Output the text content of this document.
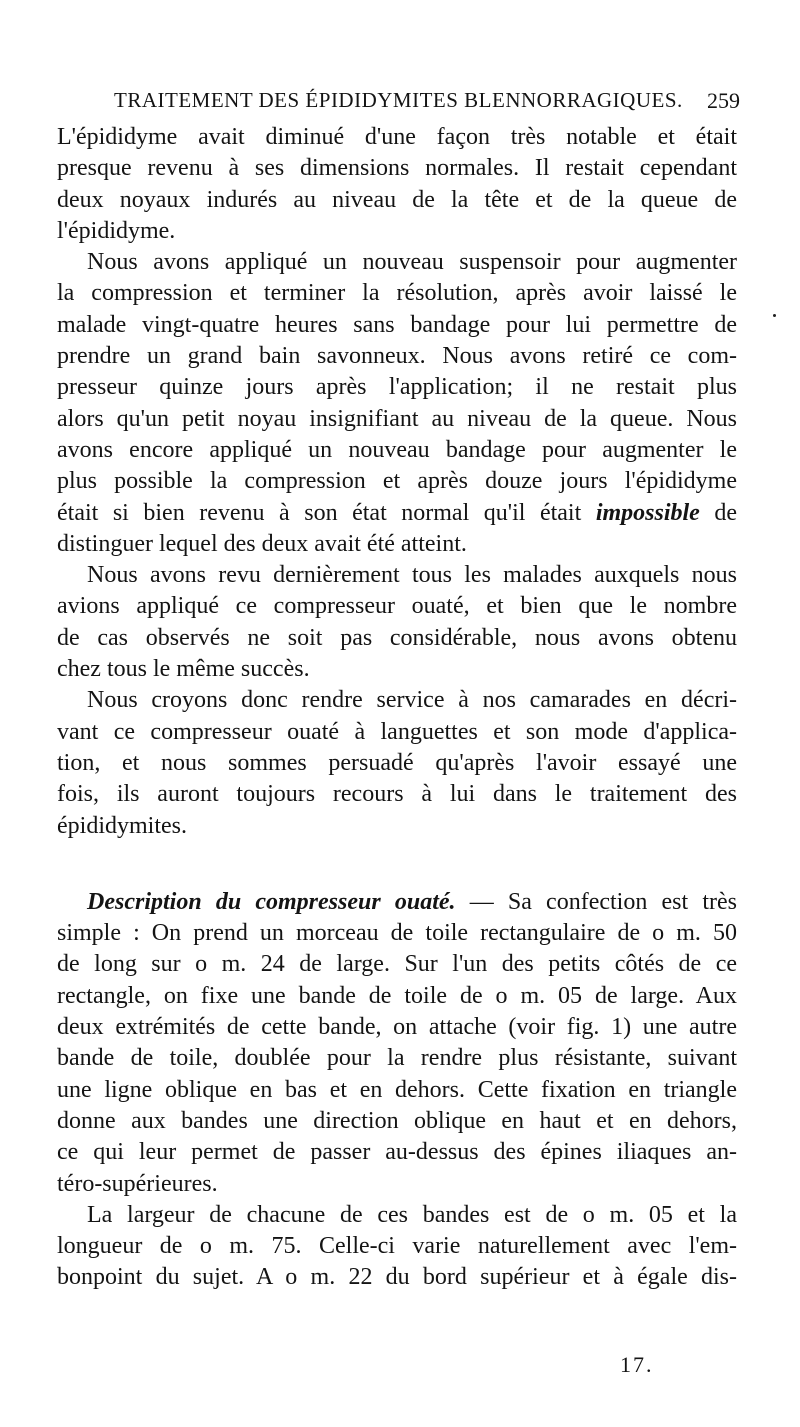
TRAITEMENT DES ÉPIDIDYMITES BLENNORRAGIQUES. 259
L'épididyme avait diminué d'une façon très notable et était
presque revenu à ses dimensions normales. Il restait cependant
deux noyaux indurés au niveau de la tête et de la queue de
l'épididyme.
Nous avons appliqué un nouveau suspensoir pour augmenter
la compression et terminer la résolution, après avoir laissé le
malade vingt-quatre heures sans bandage pour lui permettre de
prendre un grand bain savonneux. Nous avons retiré ce com-
presseur quinze jours après l'application; il ne restait plus
alors qu'un petit noyau insignifiant au niveau de la queue. Nous
avons encore appliqué un nouveau bandage pour augmenter le
plus possible la compression et après douze jours l'épididyme
était si bien revenu à son état normal qu'il était impossible de
distinguer lequel des deux avait été atteint.
Nous avons revu dernièrement tous les malades auxquels nous
avions appliqué ce compresseur ouaté, et bien que le nombre
de cas observés ne soit pas considérable, nous avons obtenu
chez tous le même succès.
Nous croyons donc rendre service à nos camarades en décri-
vant ce compresseur ouaté à languettes et son mode d'applica-
tion, et nous sommes persuadé qu'après l'avoir essayé une
fois, ils auront toujours recours à lui dans le traitement des
épididymites.
Description du compresseur ouaté. — Sa confection est très
simple : On prend un morceau de toile rectangulaire de o m. 50
de long sur o m. 24 de large. Sur l'un des petits côtés de ce
rectangle, on fixe une bande de toile de o m. 05 de large. Aux
deux extrémités de cette bande, on attache (voir fig. 1) une autre
bande de toile, doublée pour la rendre plus résistante, suivant
une ligne oblique en bas et en dehors. Cette fixation en triangle
donne aux bandes une direction oblique en haut et en dehors,
ce qui leur permet de passer au-dessus des épines iliaques an-
téro-supérieures.
La largeur de chacune de ces bandes est de o m. 05 et la
longueur de o m. 75. Celle-ci varie naturellement avec l'em-
bonpoint du sujet. A o m. 22 du bord supérieur et à égale dis-
17.
